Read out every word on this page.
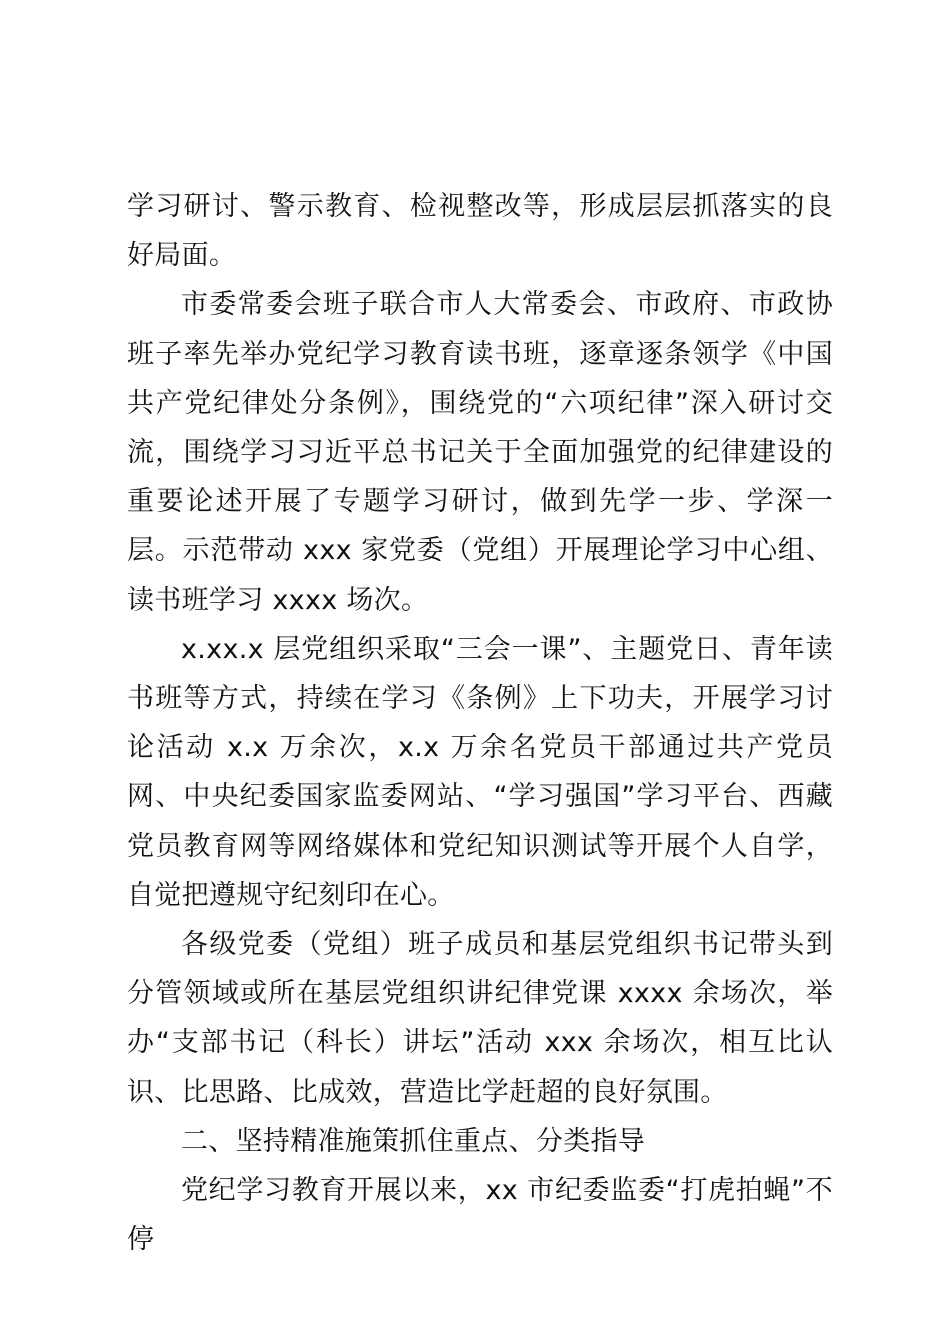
学习研讨、警示教育、检视整改等，形成层层抓落实的良好局面。

市委常委会班子联合市人大常委会、市政府、市政协班子率先举办党纪学习教育读书班，逐章逐条领学《中国共产党纪律处分条例》，围绕党的“六项纪律”深入研讨交流，围绕学习习近平总书记关于全面加强党的纪律建设的重要论述开展了专题学习研讨，做到先学一步、学深一层。示范带动 xxx 家党委（党组）开展理论学习中心组、读书班学习 xxxx 场次。

x.xx.x 层党组织采取“三会一课”、主题党日、青年读书班等方式，持续在学习《条例》上下功夫，开展学习讨论活动 x.x 万余次，x.x 万余名党员干部通过共产党员网、中央纪委国家监委网站、“学习强国”学习平台、西藏党员教育网等网络媒体和党纪知识测试等开展个人自学，自觉把遵规守纪刻印在心。

各级党委（党组）班子成员和基层党组织书记带头到分管领域或所在基层党组织讲纪律党课 xxxx 余场次，举办“支部书记（科长）讲坛”活动 xxx 余场次，相互比认识、比思路、比成效，营造比学赶超的良好氛围。

二、坚持精准施策抓住重点、分类指导

党纪学习教育开展以来，xx 市纪委监委“打虎拍蝇”不停
